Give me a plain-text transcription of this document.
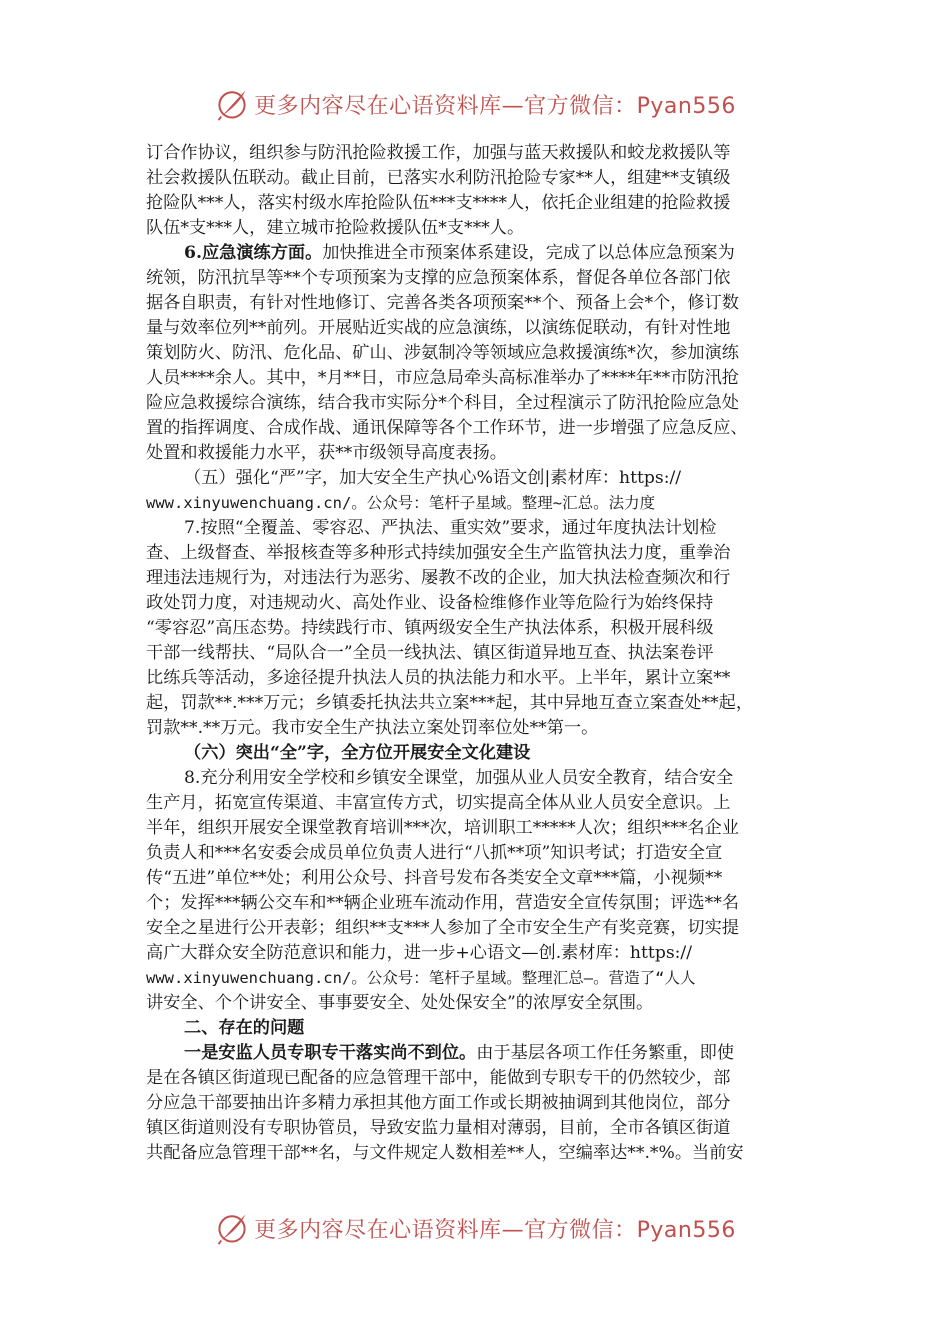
更多内容尽在心语资料库—官方微信：Pyan556
订合作协议，组织参与防汛抢险救援工作，加强与蓝天救援队和蛟龙救援队等
社会救援队伍联动。截止目前，已落实水利防汛抢险专家**人，组建**支镇级
抢险队***人，落实村级水库抢险队伍***支****人，依托企业组建的抢险救援
队伍*支***人，建立城市抢险救援队伍*支***人。
6.应急演练方面。加快推进全市预案体系建设，完成了以总体应急预案为
统领，防汛抗旱等**个专项预案为支撑的应急预案体系，督促各单位各部门依
据各自职责，有针对性地修订、完善各类各项预案**个、预备上会*个，修订数
量与效率位列**前列。开展贴近实战的应急演练，以演练促联动，有针对性地
策划防火、防汛、危化品、矿山、涉氨制冷等领域应急救援演练*次，参加演练
人员****余人。其中，*月**日，市应急局牵头高标准举办了****年**市防汛抢
险应急救援综合演练，结合我市实际分*个科目，全过程演示了防汛抢险应急处
置的指挥调度、合成作战、通讯保障等各个工作环节，进一步增强了应急反应、
处置和救援能力水平，获**市级领导高度表扬。
（五）强化“严”字，加大安全生产执心%语文创|素材库：https://
www.xinyuwenchuang.cn/。公众号：笔杆子星域。整理~汇总。法力度
7.按照“全覆盖、零容忍、严执法、重实效”要求，通过年度执法计划检
查、上级督查、举报核查等多种形式持续加强安全生产监管执法力度，重拳治
理违法违规行为，对违法行为恶劣、屡教不改的企业，加大执法检查频次和行
政处罚力度，对违规动火、高处作业、设备检维修作业等危险行为始终保持
“零容忍”高压态势。持续践行市、镇两级安全生产执法体系，积极开展科级
干部一线帮扶、“局队合一”全员一线执法、镇区街道异地互查、执法案卷评
比练兵等活动，多途径提升执法人员的执法能力和水平。上半年，累计立案**
起，罚款**.***万元；乡镇委托执法共立案***起，其中异地互查立案查处**起，
罚款**.**万元。我市安全生产执法立案处罚率位处**第一。
（六）突出“全”字，全方位开展安全文化建设
8.充分利用安全学校和乡镇安全课堂，加强从业人员安全教育，结合安全
生产月，拓宽宣传渠道、丰富宣传方式，切实提高全体从业人员安全意识。上
半年，组织开展安全课堂教育培训***次，培训职工*****人次；组织***名企业
负责人和***名安委会成员单位负责人进行“八抓**项”知识考试；打造安全宣
传“五进”单位**处；利用公众号、抖音号发布各类安全文章***篇，小视频**
个；发挥***辆公交车和**辆企业班车流动作用，营造安全宣传氛围；评选**名
安全之星进行公开表彰；组织**支***人参加了全市安全生产有奖竞赛，切实提
高广大群众安全防范意识和能力，进一步+心语文—创.素材库：https://
www.xinyuwenchuang.cn/。公众号：笔杆子星域。整理汇总—。营造了“人人
讲安全、个个讲安全、事事要安全、处处保安全”的浓厚安全氛围。
二、存在的问题
一是安监人员专职专干落实尚不到位。由于基层各项工作任务繁重，即使
是在各镇区街道现已配备的应急管理干部中，能做到专职专干的仍然较少，部
分应急干部要抽出许多精力承担其他方面工作或长期被抽调到其他岗位，部分
镇区街道则没有专职协管员，导致安监力量相对薄弱，目前，全市各镇区街道
共配备应急管理干部**名，与文件规定人数相差**人，空编率达**.*%。当前安
更多内容尽在心语资料库—官方微信：Pyan556
